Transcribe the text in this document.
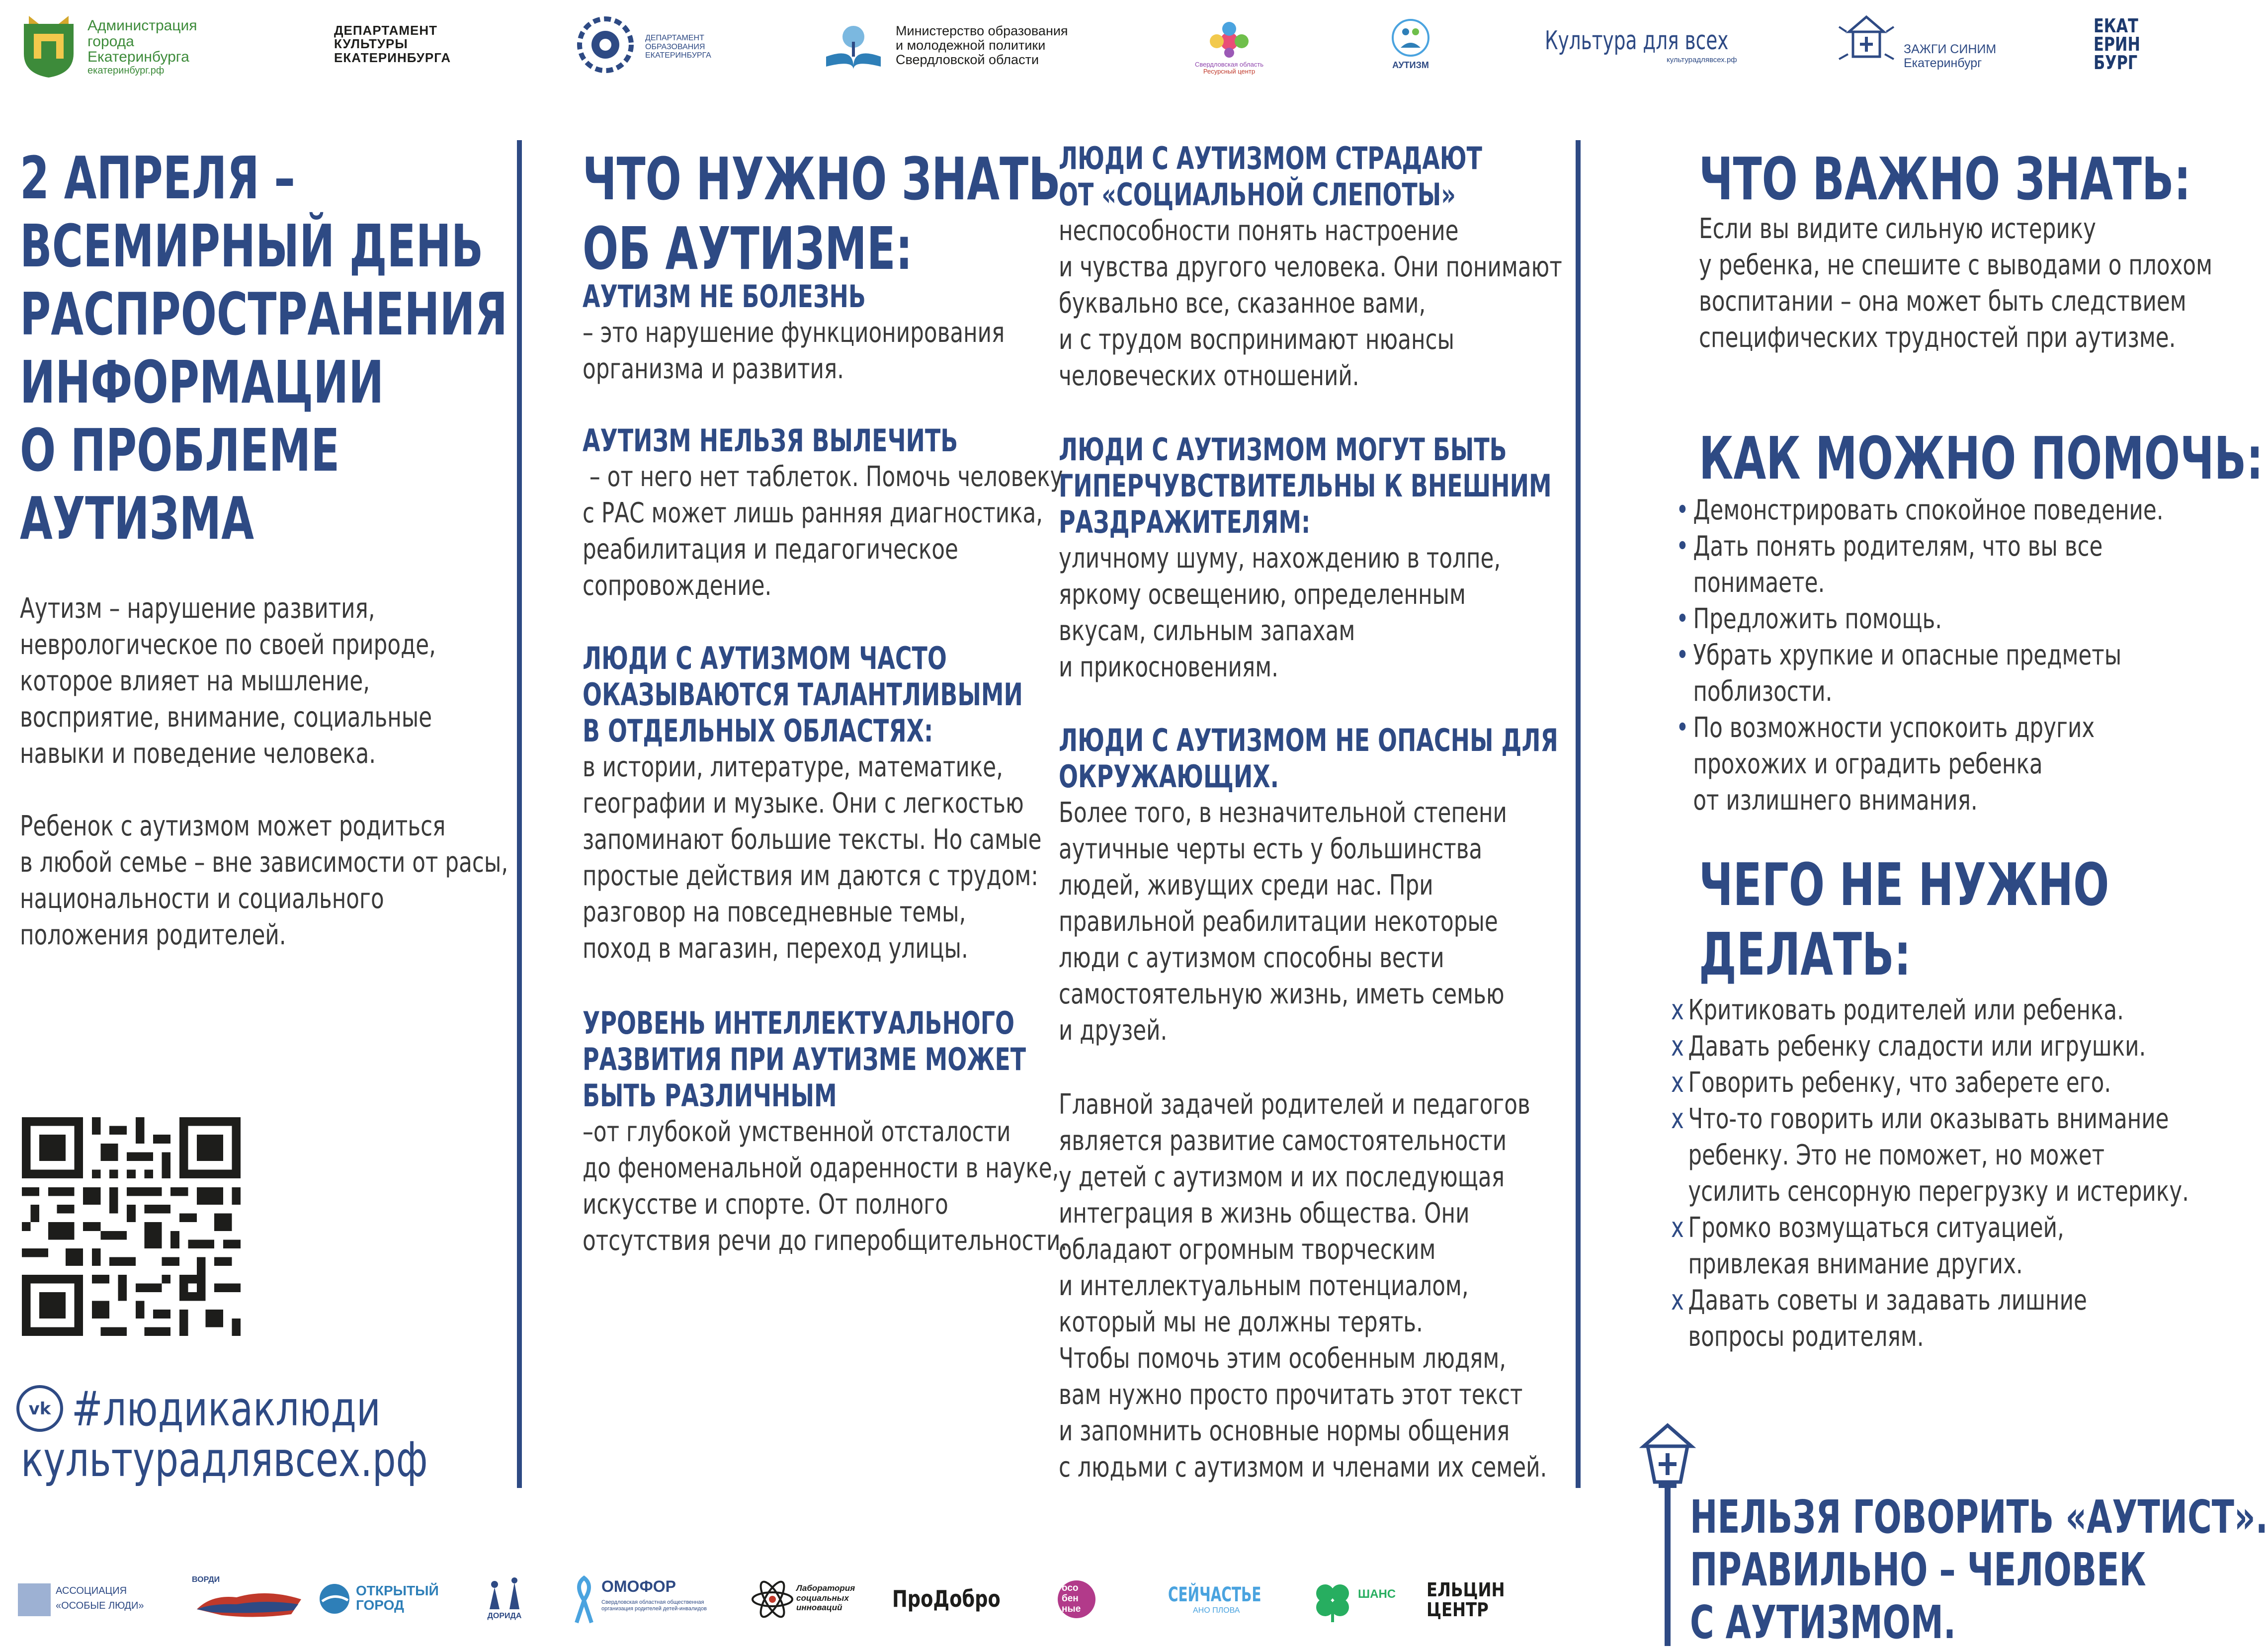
Администрация
города
Екатеринбурга
екатеринбург.рф
ДЕПАРТАМЕНТ
КУЛЬТУРЫ
ЕКАТЕРИНБУРГА
ДЕПАРТАМЕНТ
ОБРАЗОВАНИЯ
ЕКАТЕРИНБУРГА
Министерство образования
и молодежной политики
Свердловской области	Свердловская область
Ресурсный центр
АУТИЗМ
Культура для всех
культурадлявсех.рф
ЗАЖГИ СИНИМ
Екатеринбург
ЕКАТ
ЕРИН
БУРГ
2 АПРЕЛЯ –
ВСЕМИРНЫЙ ДЕНЬ
РАСПРОСТРАНЕНИЯ
ИНФОРМАЦИИ
О ПРОБЛЕМЕ
АУТИЗМА
Аутизм – нарушение развития,
неврологическое по своей природе,
которое влияет на мышление,
восприятие, внимание, социальные
навыки и поведение человека.
Ребенок с аутизмом может родиться
в любой семье – вне зависимости от расы,
национальности и социального
положения родителей.
vk #людикаклюди
культурадлявсех.рф
ЧТО НУЖНО ЗНАТЬ
ОБ АУТИЗМЕ:
АУТИЗМ НЕ БОЛЕЗНЬ
– это нарушение функционирования
организма и развития.
АУТИЗМ НЕЛЬЗЯ ВЫЛЕЧИТЬ
– от него нет таблеток. Помочь человеку
с РАС может лишь ранняя диагностика,
реабилитация и педагогическое
сопровождение.
ЛЮДИ С АУТИЗМОМ ЧАСТО
ОКАЗЫВАЮТСЯ ТАЛАНТЛИВЫМИ
В ОТДЕЛЬНЫХ ОБЛАСТЯХ:
в истории, литературе, математике,
географии и музыке. Они с легкостью
запоминают большие тексты. Но самые
простые действия им даются с трудом:
разговор на повседневные темы,
поход в магазин, переход улицы.
УРОВЕНЬ ИНТЕЛЛЕКТУАЛЬНОГО
РАЗВИТИЯ ПРИ АУТИЗМЕ МОЖЕТ
БЫТЬ РАЗЛИЧНЫМ
–от глубокой умственной отсталости
до феноменальной одаренности в науке,
искусстве и спорте. От полного
отсутствия речи до гиперобщительности.
ЛЮДИ С АУТИЗМОМ СТРАДАЮТ
ОТ «СОЦИАЛЬНОЙ СЛЕПОТЫ»
неспособности понять настроение
и чувства другого человека. Они понимают
буквально все, сказанное вами,
и с трудом воспринимают нюансы
человеческих отношений.
ЛЮДИ С АУТИЗМОМ МОГУТ БЫТЬ
ГИПЕРЧУВСТВИТЕЛЬНЫ К ВНЕШНИМ
РАЗДРАЖИТЕЛЯМ:
уличному шуму, нахождению в толпе,
яркому освещению, определенным
вкусам, сильным запахам
и прикосновениям.
ЛЮДИ С АУТИЗМОМ НЕ ОПАСНЫ ДЛЯ
ОКРУЖАЮЩИХ.
Более того, в незначительной степени
аутичные черты есть у большинства
людей, живущих среди нас. При
правильной реабилитации некоторые
люди с аутизмом способны вести
самостоятельную жизнь, иметь семью
и друзей.
Главной задачей родителей и педагогов
является развитие самостоятельности
у детей с аутизмом и их последующая
интеграция в жизнь общества. Они
обладают огромным творческим
и интеллектуальным потенциалом,
который мы не должны терять.
Чтобы помочь этим особенным людям,
вам нужно просто прочитать этот текст
и запомнить основные нормы общения
с людьми с аутизмом и членами их семей.
ЧТО ВАЖНО ЗНАТЬ:
Если вы видите сильную истерику
у ребенка, не спешите с выводами о плохом
воспитании – она может быть следствием
специфических трудностей при аутизме.
КАК МОЖНО ПОМОЧЬ:
• Демонстрировать спокойное поведение.
• Дать понять родителям, что вы все
понимаете.
• Предложить помощь.
• Убрать хрупкие и опасные предметы
поблизости.
• По возможности успокоить других
прохожих и оградить ребенка
от излишнего внимания.
ЧЕГО НЕ НУЖНО
ДЕЛАТЬ:
x Критиковать родителей или ребенка.
x Давать ребенку сладости или игрушки.
x Говорить ребенку, что заберете его.
x Что-то говорить или оказывать внимание
ребенку. Это не поможет, но может
усилить сенсорную перегрузку и истерику.
x Громко возмущаться ситуацией,
привлекая внимание других.
x Давать советы и задавать лишние
вопросы родителям.
НЕЛЬЗЯ ГОВОРИТЬ «АУТИСТ».
ПРАВИЛЬНО – ЧЕЛОВЕК
С АУТИЗМОМ.
АССОЦИАЦИЯ
«ОСОБЫЕ ЛЮДИ»
ВОРДИ
ОТКРЫТЫЙ
ГОРОД
ДОРИДА
ОМОФОР
Свердловская областная общественная организация родителей детей-инвалидов
Лаборатория
социальных
инноваций	ПроДобро	осо
бен
ные
СЕЙЧАСТЬЕ
АНО ПЛОВА
ШАНС ЕЛЬЦИН
ЦЕНТР
